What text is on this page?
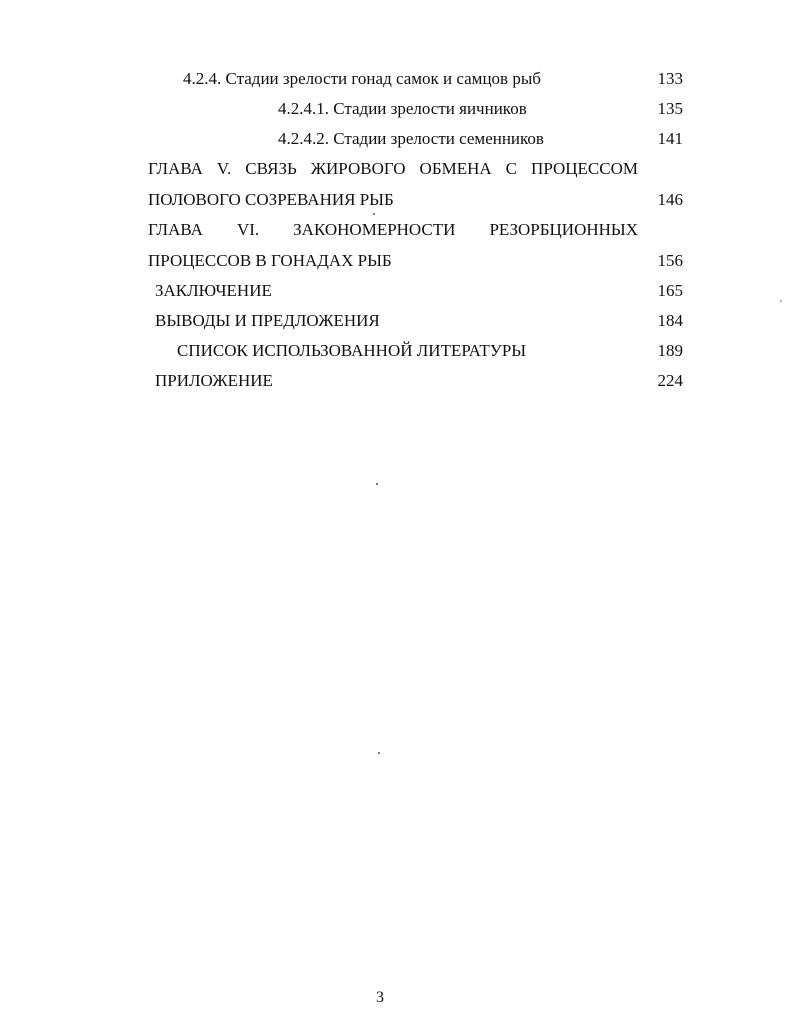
4.2.4. Стадии зрелости гонад самок и самцов рыб	133
4.2.4.1. Стадии зрелости яичников	135
4.2.4.2. Стадии зрелости семенников	141
ГЛАВА V. СВЯЗЬ ЖИРОВОГО ОБМЕНА С ПРОЦЕССОМ
ПОЛОВОГО СОЗРЕВАНИЯ РЫБ	146
ГЛАВА VI. ЗАКОНОМЕРНОСТИ РЕЗОРБЦИОННЫХ
ПРОЦЕССОВ В ГОНАДАХ РЫБ	156
ЗАКЛЮЧЕНИЕ	165
ВЫВОДЫ И ПРЕДЛОЖЕНИЯ	184
СПИСОК ИСПОЛЬЗОВАННОЙ ЛИТЕРАТУРЫ	189
ПРИЛОЖЕНИЕ	224
3
